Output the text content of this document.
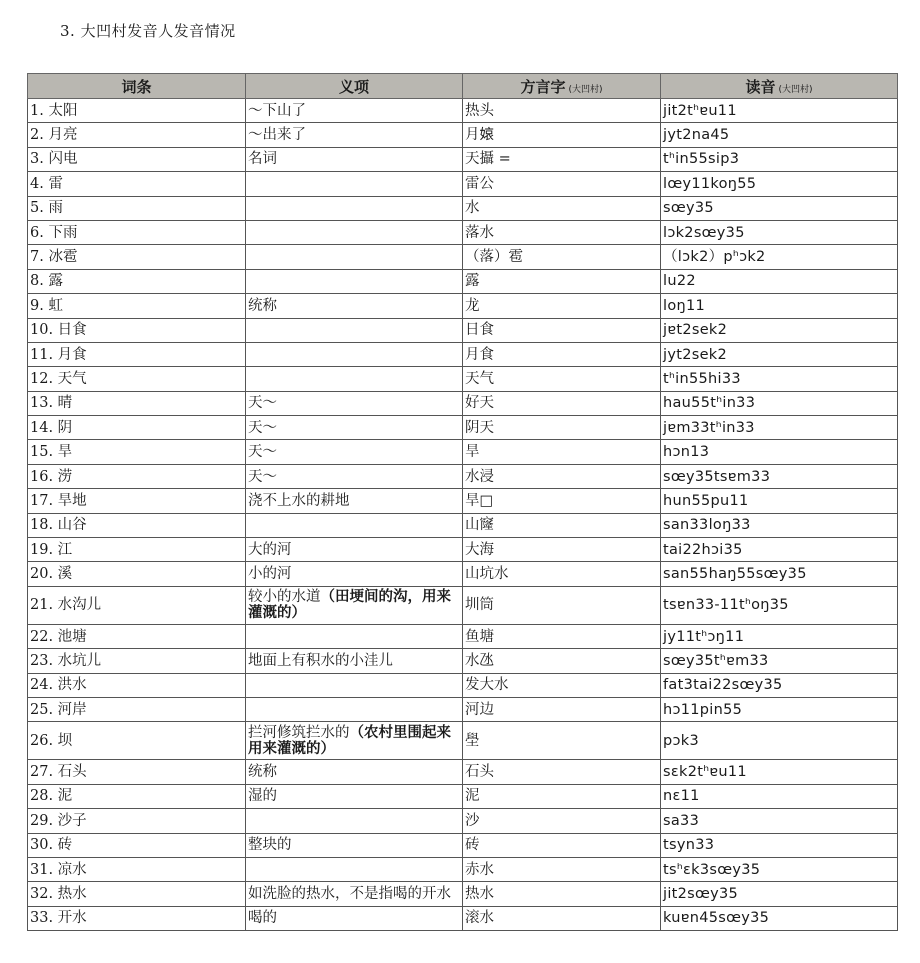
3. 大凹村发音人发音情况
词条	义项	方言字 (大凹村)	读音 (大凹村)
1. 太阳	～下山了	热头	jit2tʰɐu11
2. 月亮	～出来了	月𡟓	jyt2na45
3. 闪电	名词	天攝 =	tʰin55sip3
4. 雷		雷公	lœy11koŋ55
5. 雨		水	sœy35
6. 下雨		落水	lɔk2sœy35
7. 冰雹		（落）雹	（lɔk2）pʰɔk2
8. 露		露	lu22
9. 虹	统称	龙	loŋ11
10. 日食		日食	jɐt2sek2
11. 月食		月食	jyt2sek2
12. 天气		天气	tʰin55hi33
13. 晴	天～	好天	hau55tʰin33
14. 阴	天～	阴天	jɐm33tʰin33
15. 旱	天～	旱	hɔn13
16. 涝	天～	水浸	sœy35tsɐm33
17. 旱地	浇不上水的耕地	旱□	hun55pu11
18. 山谷		山窿	san33loŋ33
19. 江	大的河	大海	tai22hɔi35
20. 溪	小的河	山坑水	san55haŋ55sœy35
21. 水沟儿	较小的水道（田埂间的沟，用来灌溉的）	圳筒	tsɐn33-11tʰoŋ35
22. 池塘		鱼塘	jy11tʰɔŋ11
23. 水坑儿	地面上有积水的小洼儿	水氹	sœy35tʰɐm33
24. 洪水		发大水	fat3tai22sœy35
25. 河岸		河边	hɔ11pin55
26. 坝	拦河修筑拦水的（农村里围起来用来灌溉的）	壆	pɔk3
27. 石头	统称	石头	sɛk2tʰɐu11
28. 泥	湿的	泥	nɛ11
29. 沙子		沙	sa33
30. 砖	整块的	砖	tsyn33
31. 凉水		赤水	tsʰɛk3sœy35
32. 热水	如洗脸的热水，不是指喝的开水	热水	jit2sœy35
33. 开水	喝的	滚水	kuɐn45sœy35
